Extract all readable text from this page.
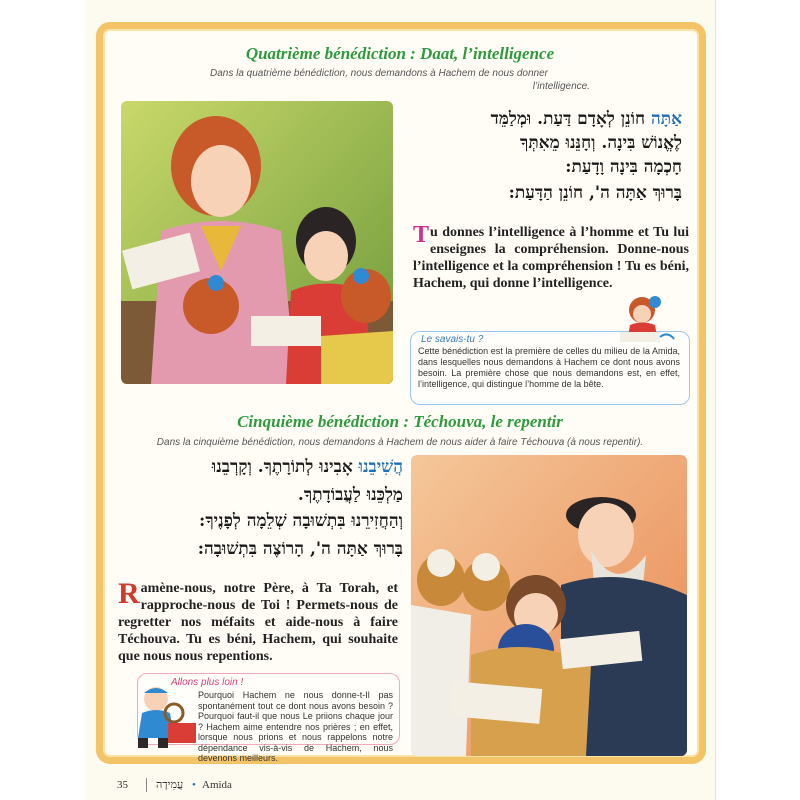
Quatrième bénédiction : Daat, l’intelligence
Dans la quatrième bénédiction, nous demandons à Hachem de nous donner
l’intelligence.
אַתָּה חוֹנֵן לְאָדָם דַּעַת. וּמְלַמֵּד
לֶאֱנוֹשׁ בִּינָה. וְחָנֵּנוּ מֵאִתְּךָ
חָכְמָה בִּינָה וָדָעַת:
בָּרוּךְ אַתָּה ה', חוֹנֵן הַדָּעַת:
Tu donnes l’intelligence à l’homme et Tu lui enseignes la compréhension. Donne-nous l’intelligence et la compréhension ! Tu es béni, Hachem, qui donne l’intelligence.
Le savais-tu ?
Cette bénédiction est la première de celles du milieu de la Amida, dans lesquelles nous demandons à Hachem ce dont nous avons besoin. La première chose que nous demandons est, en effet, l’intelligence, qui distingue l’homme de la bête.
Cinquième bénédiction : Téchouva, le repentir
Dans la cinquième bénédiction, nous demandons à Hachem de nous aider à faire Téchouva (à nous repentir).
הֲשִׁיבֵנוּ אָבִינוּ לְתוֹרָתֶךָ. וְקָרְבֵנוּ
מַלְכֵּנוּ לַעֲבוֹדָתֶךָ.
וְהַחֲזִירֵנוּ בִּתְשׁוּבָה שְׁלֵמָה לְפָנֶיךָ:
בָּרוּךְ אַתָּה ה', הָרוֹצֶה בִּתְשׁוּבָה:
Ramène-nous, notre Père, à Ta Torah, et rapproche-nous de Toi ! Permets-nous de regretter nos méfaits et aide-nous à faire Téchouva. Tu es béni, Hachem, qui souhaite que nous nous repentions.
Allons plus loin !
Pourquoi Hachem ne nous donne-t-Il pas spontanément tout ce dont nous avons besoin ? Pourquoi faut-il que nous Le priions chaque jour ? Hachem aime entendre nos prières ; en effet, lorsque nous prions et nous rappelons notre dépendance vis-à-vis de Hachem, nous devenons meilleurs.
35	עֲמִידָה • Amida
